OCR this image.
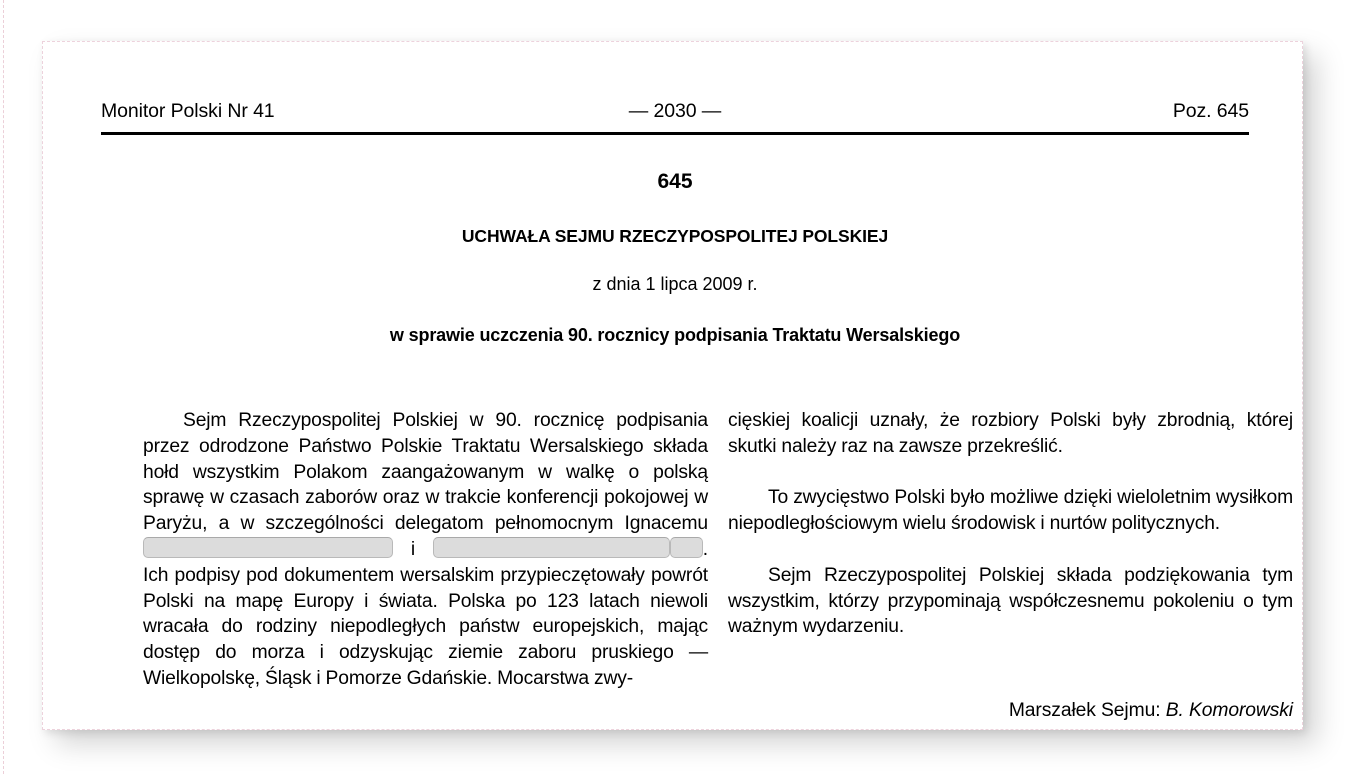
Monitor Polski Nr 41	— 2030 —	Poz. 645
645
UCHWAŁA SEJMU RZECZYPOSPOLITEJ POLSKIEJ
z dnia 1 lipca 2009 r.
w sprawie uczczenia 90. rocznicy podpisania Traktatu Wersalskiego

Sejm Rzeczypospolitej Polskiej w 90. rocznicę podpisania przez odrodzone Państwo Polskie Traktatu Wersalskiego składa hołd wszystkim Polakom zaangażowanym w walkę o polską sprawę w czasach zaborów oraz w trakcie konferencji pokojowej w Paryżu, a w szczególności delegatom pełnomocnym Ignacemu  i	. Ich podpisy pod dokumentem wersalskim przypieczętowały powrót Polski na mapę Europy i świata. Polska po 123 latach niewoli wracała do rodziny niepodległych państw europejskich, mając dostęp do morza i odzyskując ziemie zaboru pruskiego — Wielkopolskę, Śląsk i Pomorze Gdańskie. Mocarstwa zwy-

cięskiej koalicji uznały, że rozbiory Polski były zbrodnią, której skutki należy raz na zawsze przekreślić.

To zwycięstwo Polski było możliwe dzięki wieloletnim wysiłkom niepodległościowym wielu środowisk i nurtów politycznych.

Sejm Rzeczypospolitej Polskiej składa podziękowania tym wszystkim, którzy przypominają współczesnemu pokoleniu o tym ważnym wydarzeniu.

Marszałek Sejmu: B. Komorowski
